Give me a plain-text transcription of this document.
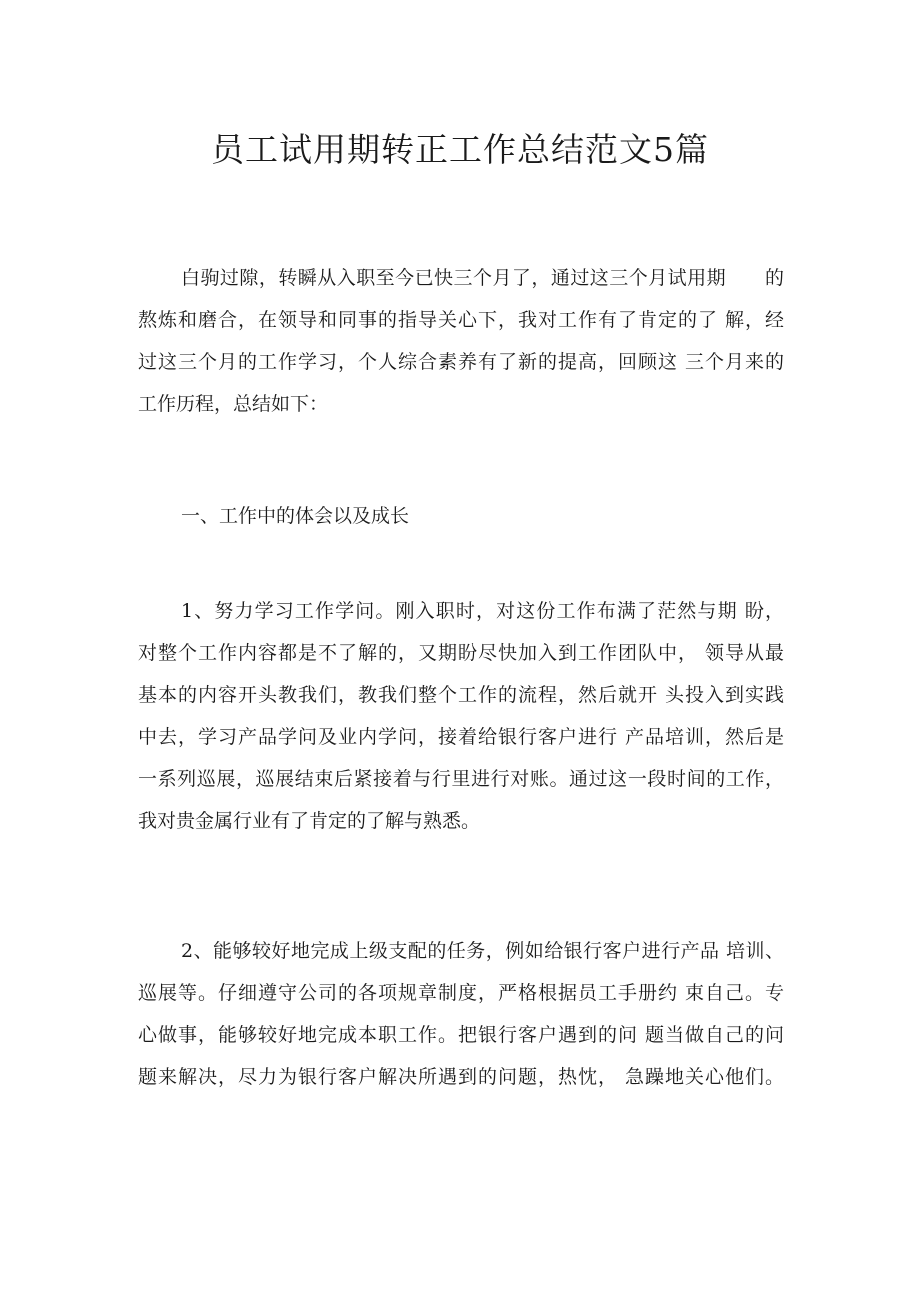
员工试用期转正工作总结范文5篇

白驹过隙，转瞬从入职至今已快三个月了，通过这三个月试用期　　的

熬炼和磨合，在领导和同事的指导关心下，我对工作有了肯定的了 解，经

过这三个月的工作学习，个人综合素养有了新的提高，回顾这 三个月来的

工作历程，总结如下：

一、工作中的体会以及成长

1、努力学习工作学问。刚入职时，对这份工作布满了茫然与期 盼，

对整个工作内容都是不了解的，又期盼尽快加入到工作团队中， 领导从最

基本的内容开头教我们，教我们整个工作的流程，然后就开 头投入到实践

中去，学习产品学问及业内学问，接着给银行客户进行 产品培训，然后是

一系列巡展，巡展结束后紧接着与行里进行对账。通过这一段时间的工作，

我对贵金属行业有了肯定的了解与熟悉。

2、能够较好地完成上级支配的任务，例如给银行客户进行产品 培训、

巡展等。仔细遵守公司的各项规章制度，严格根据员工手册约 束自己。专

心做事，能够较好地完成本职工作。把银行客户遇到的问 题当做自己的问

题来解决，尽力为银行客户解决所遇到的问题，热忱， 急躁地关心他们。
